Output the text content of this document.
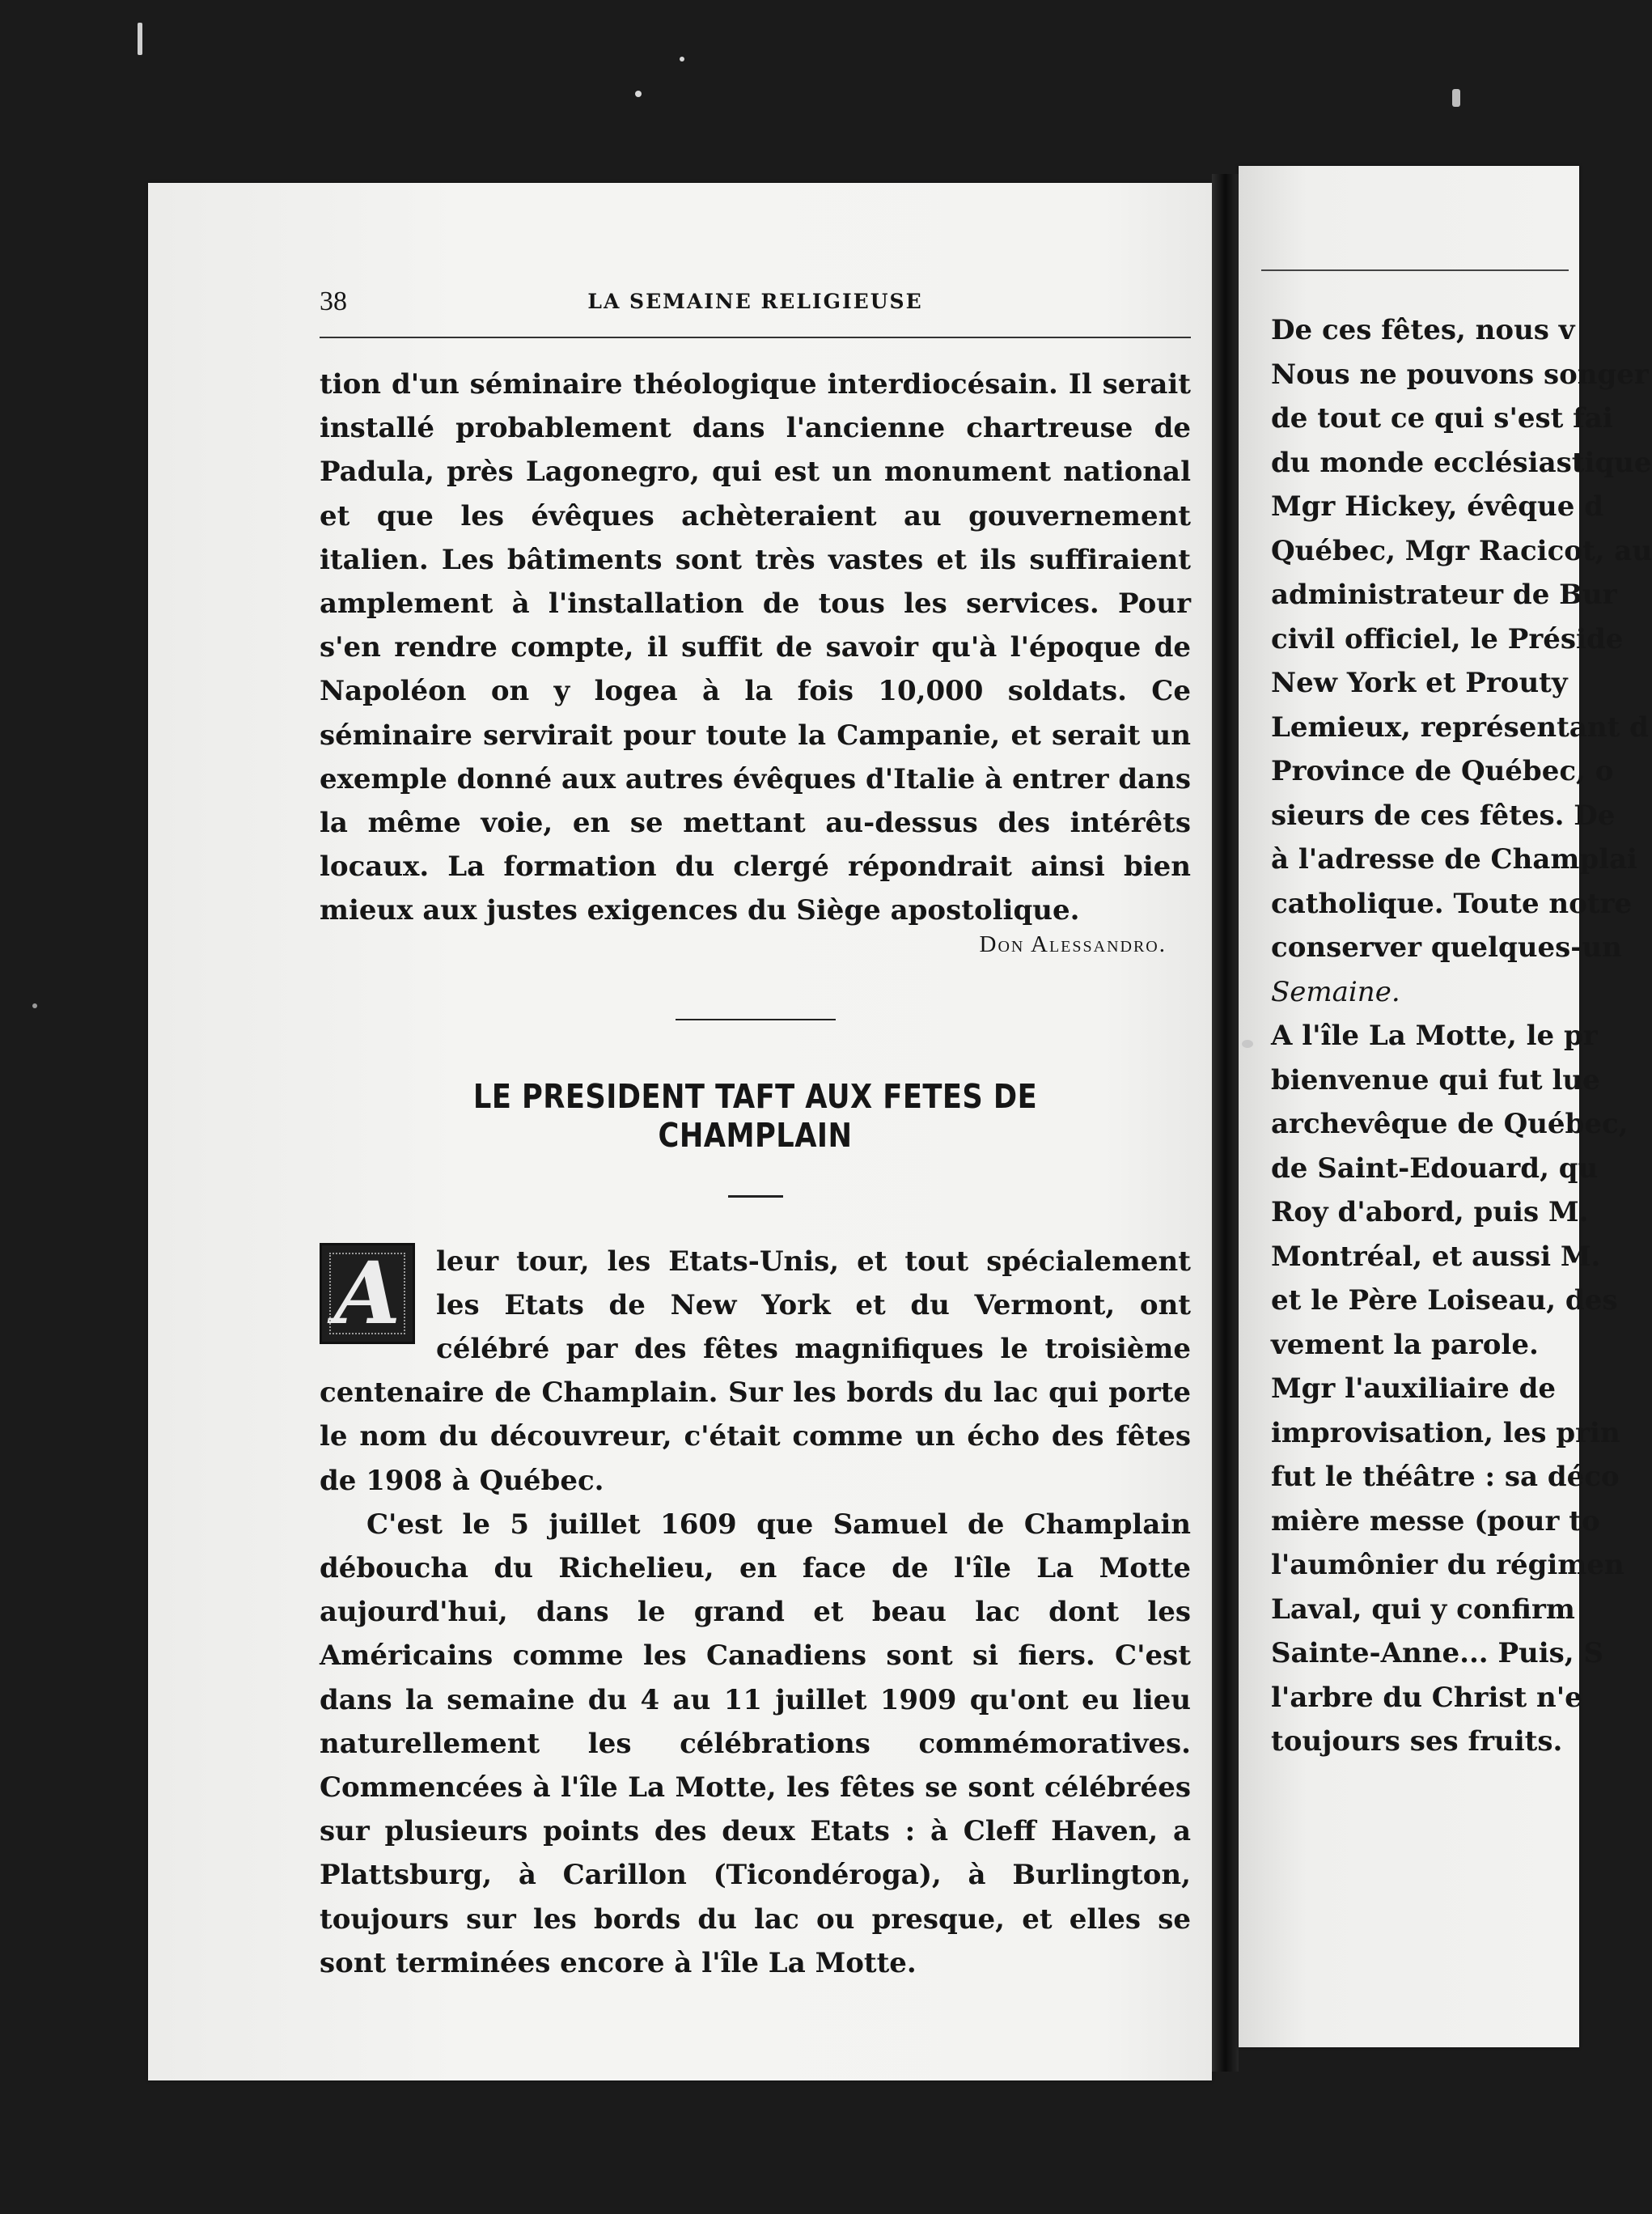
38	LA SEMAINE RELIGIEUSE

tion d'un séminaire théologique interdiocésain. Il serait installé probablement dans l'ancienne chartreuse de Padula, près Lagonegro, qui est un monument national et que les évêques achèteraient au gouvernement italien. Les bâtiments sont très vastes et ils suffiraient amplement à l'installation de tous les services. Pour s'en rendre compte, il suffit de savoir qu'à l'époque de Napoléon on y logea à la fois 10,000 soldats. Ce séminaire servirait pour toute la Campanie, et serait un exemple donné aux autres évêques d'Italie à entrer dans la même voie, en se mettant au-dessus des intérêts locaux. La formation du clergé répondrait ainsi bien mieux aux justes exigences du Siège apostolique.

Don Alessandro.
LE PRESIDENT TAFT AUX FETES DE CHAMPLAIN

A leur tour, les Etats-Unis, et tout spécialement les Etats de New York et du Vermont, ont célébré par des fêtes magnifiques le troisième centenaire de Champlain. Sur les bords du lac qui porte le nom du découvreur, c'était comme un écho des fêtes de 1908 à Québec.

C'est le 5 juillet 1609 que Samuel de Champlain déboucha du Richelieu, en face de l'île La Motte aujourd'hui, dans le grand et beau lac dont les Américains comme les Canadiens sont si fiers. C'est dans la semaine du 4 au 11 juillet 1909 qu'ont eu lieu naturellement les célébrations commémoratives. Commencées à l'île La Motte, les fêtes se sont célébrées sur plusieurs points des deux Etats : à Cleff Haven, a Plattsburg, à Carillon (Ticondéroga), à Burlington, toujours sur les bords du lac ou presque, et elles se sont terminées encore à l'île La Motte.

De ces fêtes, nous v
Nous ne pouvons songer
de tout ce qui s'est fai
du monde ecclésiastique
Mgr Hickey, évêque d
Québec, Mgr Racicot, au
administrateur de Bur
civil officiel, le Préside
New York et Prouty
Lemieux, représentant d
Province de Québec, o
sieurs de ces fêtes. De
à l'adresse de Champlai
catholique. Toute notre
conserver quelques-un
Semaine.
A l'île La Motte, le pr
bienvenue qui fut lue
archevêque de Québec,
de Saint-Edouard, qu
Roy d'abord, puis M.
Montréal, et aussi M.
et le Père Loiseau, des
vement la parole.
Mgr l'auxiliaire de
improvisation, les prin
fut le théâtre : sa déco
mière messe (pour to
l'aumônier du régimen
Laval, qui y confirm
Sainte-Anne... Puis, S
l'arbre du Christ n'e
toujours ses fruits.
